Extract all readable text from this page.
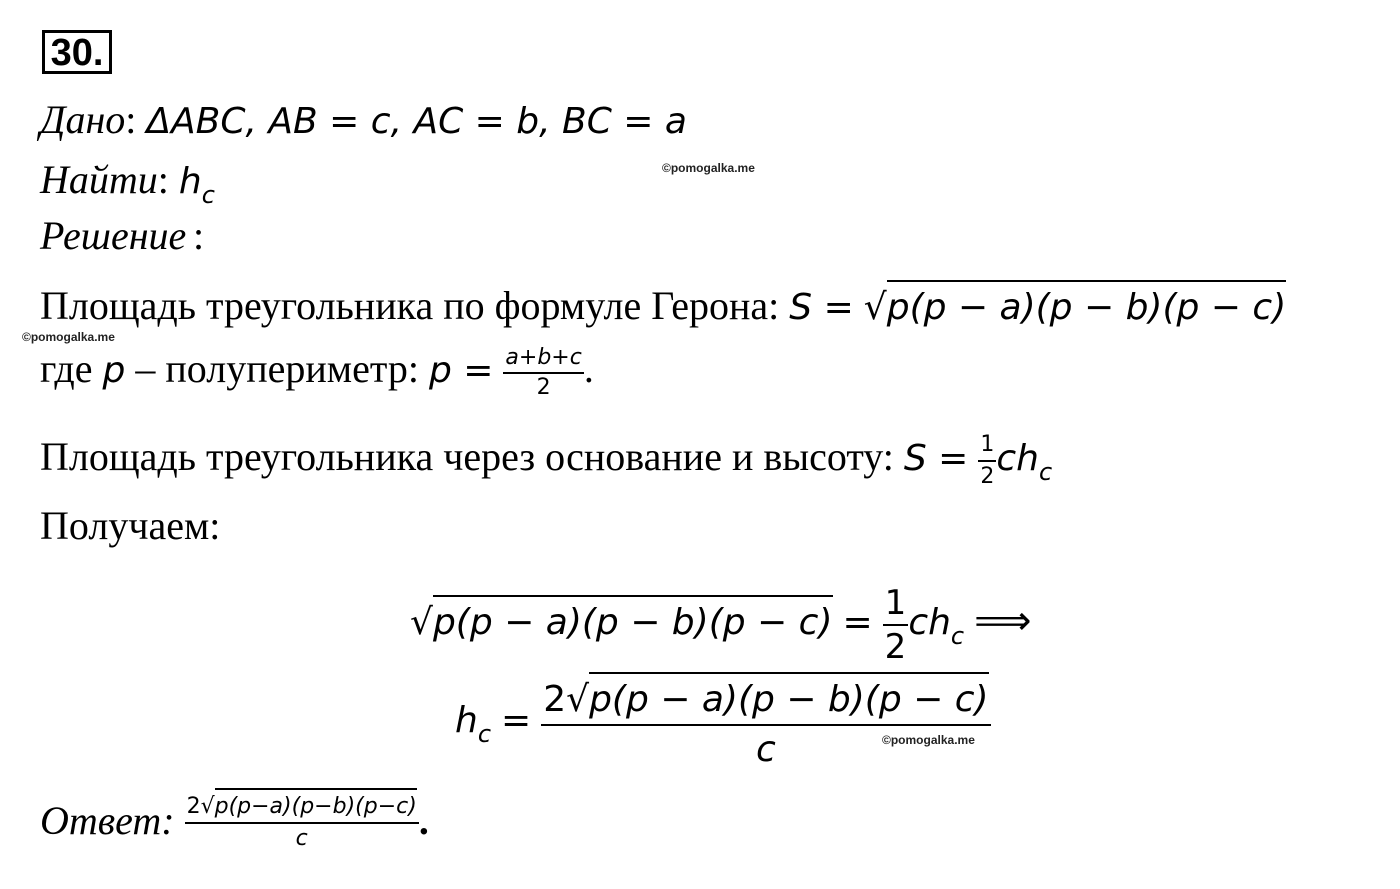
30.
Дано: ΔABC, AB = c, AC = b, BC = a
Найти: $h_c$
©pomogalka.me
Решение :
Площадь треугольника по формуле Герона: S = √p(p − a)(p − b)(p − c)
©pomogalka.me
где p – полупериметр: $p = \frac{a+b+c}{2}$ .
Площадь треугольника через основание и высоту: $S = \frac{1}{2} ch_c$
Получаем:
$√p(p - a)(p - b)(p - c) = \frac{1}{2} ch_c$ ⟹
$h_c = \frac{2√p(p - a)(p - b)(p - c)}{c}$
©pomogalka.me
Ответ: $\frac{2√p(p-a)(p-b)(p-c)}{c}$ .
